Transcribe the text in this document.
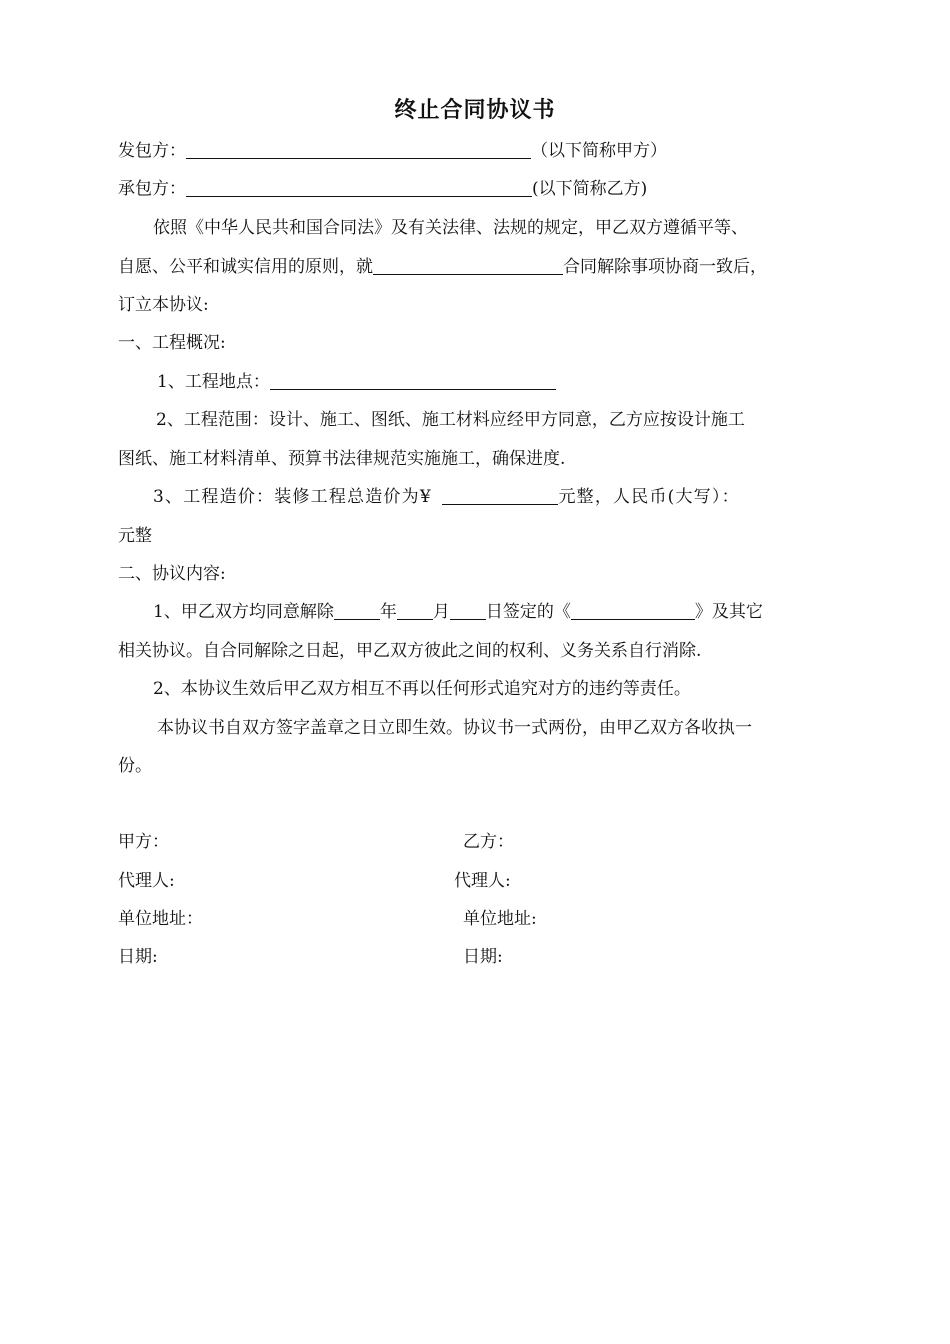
终止合同协议书
发包方：	（以下简称甲方）
承包方：	(以下简称乙方)
依照《中华人民共和国合同法》及有关法律、法规的规定，甲乙双方遵循平等、
自愿、公平和诚实信用的原则，就	合同解除事项协商一致后，
订立本协议:
一、工程概况:
1、工程地点：
2、工程范围：设计、施工、图纸、施工材料应经甲方同意，乙方应按设计施工
图纸、施工材料清单、预算书法律规范实施施工，确保进度.
3、工程造价：装修工程总造价为¥	元整，人民币(大写）：
元整
二、协议内容:
1、甲乙双方均同意解除	年 月 日签定的《	》及其它
相关协议。自合同解除之日起，甲乙双方彼此之间的权利、义务关系自行消除.
2、本协议生效后甲乙双方相互不再以任何形式追究对方的违约等责任。
本协议书自双方签字盖章之日立即生效。协议书一式两份，由甲乙双方各收执一
份。
甲方：	乙方：
代理人:	代理人:
单位地址：	单位地址:
日期:	日期:
